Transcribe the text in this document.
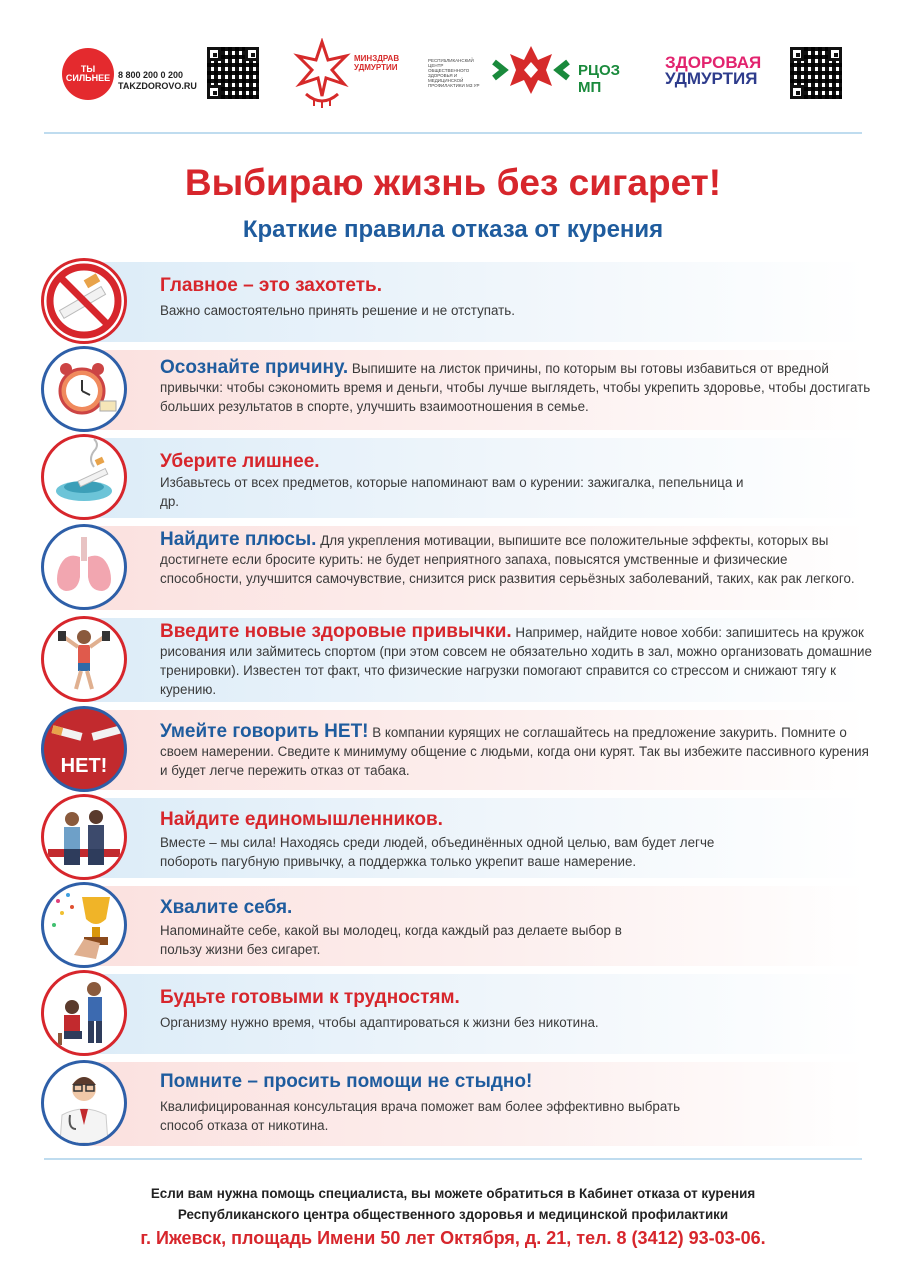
ТЫ СИЛЬНЕЕ 8 800 200 0 200
TAKZDOROVO.RU
МИНЗДРАВ
УДМУРТИИ
РЕСПУБЛИКАНСКИЙ ЦЕНТР ОБЩЕСТВЕННОГО ЗДОРОВЬЯ И МЕДИЦИНСКОЙ ПРОФИЛАКТИКИ МЗ УР
РЦОЗ МП
ЗДОРОВАЯ
УДМУРТИЯ
Выбираю жизнь без сигарет!
Краткие правила отказа от курения
Главное – это захотеть.
Важно самостоятельно принять решение и не отступать.
Осознайте причину. Выпишите на листок причины, по которым вы готовы избавиться от вредной привычки: чтобы сэкономить время и деньги, чтобы лучше выглядеть, чтобы укрепить здоровье, чтобы достигать больших результатов в спорте, улучшить взаимоотношения в семье.
Уберите лишнее.
Избавьтесь от всех предметов, которые напоминают вам о курении: зажигалка, пепельница и др.
Найдите плюсы. Для укрепления мотивации, выпишите все положительные эффекты, которых вы достигнете если бросите курить: не будет неприятного запаха, повысятся умственные и физические способности, улучшится самочувствие, снизится риск развития серьёзных заболеваний, таких, как рак легкого.
Введите новые здоровые привычки. Например, найдите новое хобби: запишитесь на кружок рисования или займитесь спортом (при этом совсем не обязательно ходить в зал, можно организовать домашние тренировки). Известен тот факт, что физические нагрузки помогают справится со стрессом и снижают тягу к курению.
НЕТ!
Умейте говорить НЕТ! В компании курящих не соглашайтесь на предложение закурить. Помните о своем намерении. Сведите к минимуму общение с людьми, когда они курят. Так вы избежите пассивного курения и будет легче пережить отказ от табака.
Найдите единомышленников.
Вместе – мы сила! Находясь среди людей, объединённых одной целью, вам будет легче побороть пагубную привычку, а поддержка только укрепит ваше намерение.
Хвалите себя.
Напоминайте себе, какой вы молодец, когда каждый раз делаете выбор в пользу жизни без сигарет.
Будьте готовыми к трудностям.
Организму нужно время, чтобы адаптироваться к жизни без никотина.
Помните – просить помощи не стыдно!
Квалифицированная консультация врача поможет вам более эффективно выбрать способ отказа от никотина.
Если вам нужна помощь специалиста, вы можете обратиться в Кабинет отказа от курения
Республиканского центра общественного здоровья и медицинской профилактики
г. Ижевск, площадь Имени 50 лет Октября, д. 21, тел. 8 (3412) 93-03-06.
